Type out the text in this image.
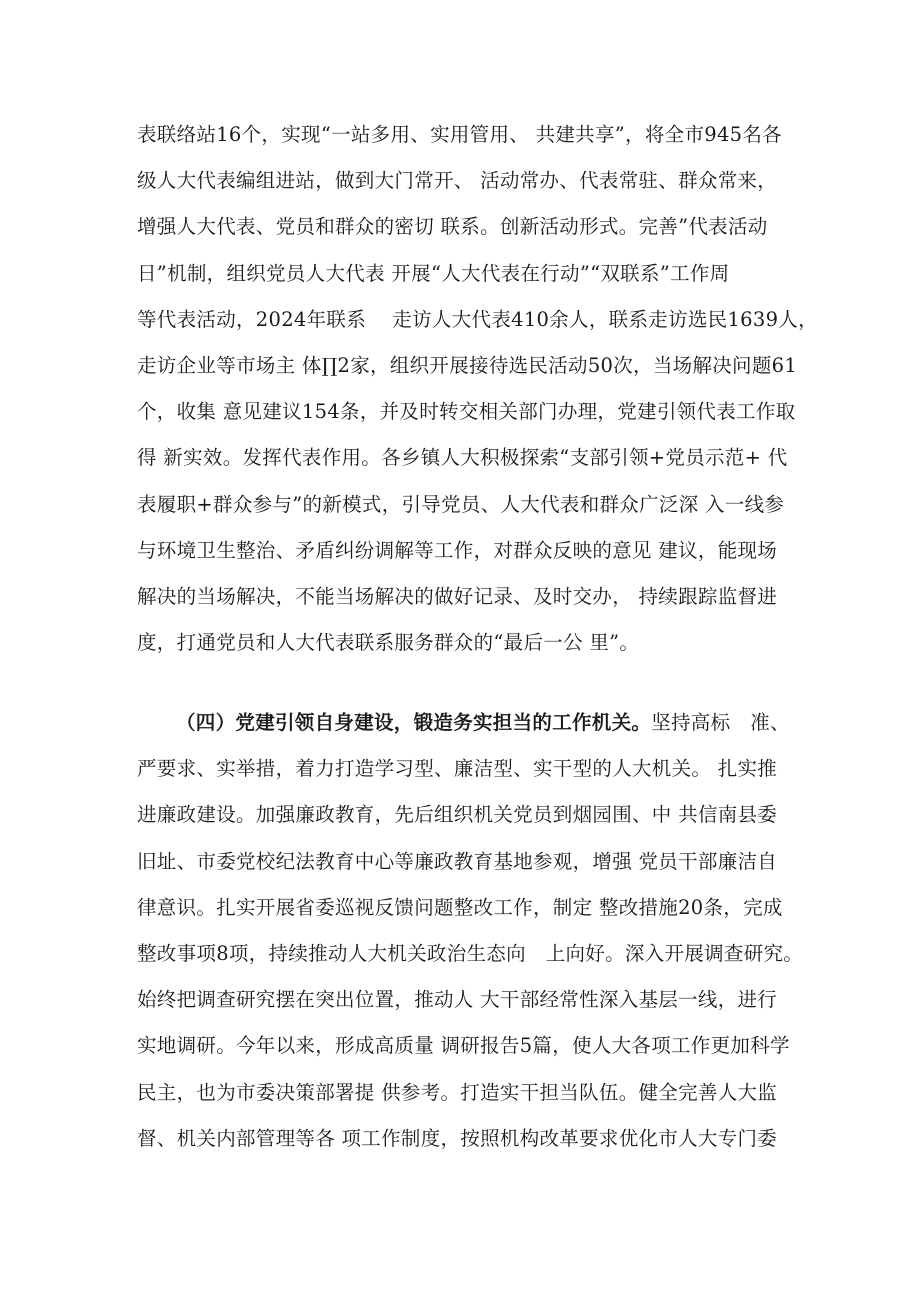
表联络站16个，实现“一站多用、实用管用、 共建共享”，将全市945名各
级人大代表编组进站，做到大门常开、 活动常办、代表常驻、群众常来，
增强人大代表、党员和群众的密切 联系。创新活动形式。完善”代表活动
日”机制，组织党员人大代表 开展“人大代表在行动”“双联系”工作周
等代表活动，2024年联系　 走访人大代表410余人，联系走访选民1639人，
走访企业等市场主 体∏2家，组织开展接待选民活动50次，当场解决问题61
个，收集 意见建议154条，并及时转交相关部门办理，党建引领代表工作取
得 新实效。发挥代表作用。各乡镇人大积极探索“支部引领+党员示范+ 代
表履职+群众参与”的新模式，引导党员、人大代表和群众广泛深 入一线参
与环境卫生整治、矛盾纠纷调解等工作，对群众反映的意见 建议，能现场
解决的当场解决，不能当场解决的做好记录、及时交办， 持续跟踪监督进
度，打通党员和人大代表联系服务群众的“最后一公 里”。
（四）党建引领自身建设，锻造务实担当的工作机关。坚持高标　准、
严要求、实举措，着力打造学习型、廉洁型、实干型的人大机关。 扎实推
进廉政建设。加强廉政教育，先后组织机关党员到烟园围、中 共信南县委
旧址、市委党校纪法教育中心等廉政教育基地参观，增强 党员干部廉洁自
律意识。扎实开展省委巡视反馈问题整改工作，制定 整改措施20条，完成
整改事项8项，持续推动人大机关政治生态向　上向好。深入开展调查研究。
始终把调查研究摆在突出位置，推动人 大干部经常性深入基层一线，进行
实地调研。今年以来，形成高质量 调研报告5篇，使人大各项工作更加科学
民主，也为市委决策部署提 供参考。打造实干担当队伍。健全完善人大监
督、机关内部管理等各 项工作制度，按照机构改革要求优化市人大专门委
